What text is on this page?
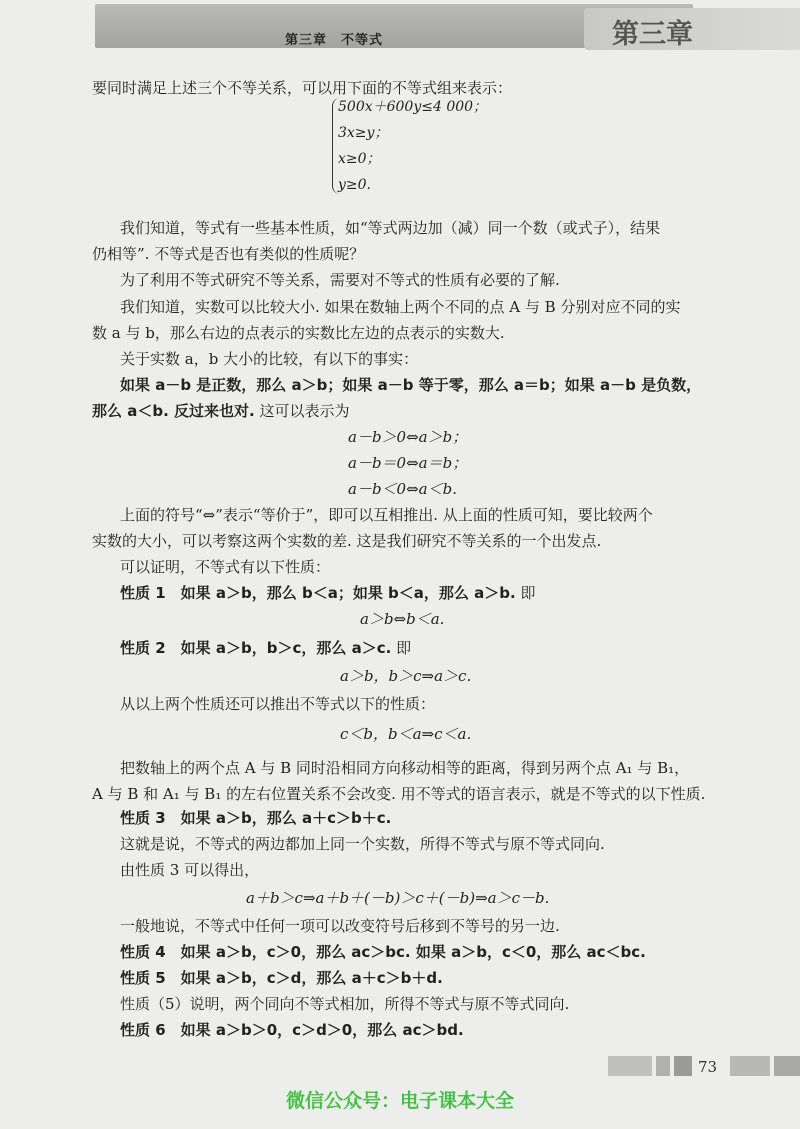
第三章　不等式	第三章
要同时满足上述三个不等关系，可以用下面的不等式组来表示：
500x＋600y≤4 000；
3x≥y；
x≥0；
y≥0.
我们知道，等式有一些基本性质，如“等式两边加（减）同一个数（或式子），结果
仍相等”. 不等式是否也有类似的性质呢？
为了利用不等式研究不等关系，需要对不等式的性质有必要的了解.
我们知道，实数可以比较大小. 如果在数轴上两个不同的点 A 与 B 分别对应不同的实
数 a 与 b，那么右边的点表示的实数比左边的点表示的实数大.
关于实数 a，b 大小的比较，有以下的事实：
如果 a－b 是正数，那么 a＞b；如果 a－b 等于零，那么 a＝b；如果 a－b 是负数，
那么 a＜b. 反过来也对. 这可以表示为
a－b＞0⇔a＞b；
a－b＝0⇔a＝b；
a－b＜0⇔a＜b.
上面的符号“⇔”表示“等价于”，即可以互相推出. 从上面的性质可知，要比较两个
实数的大小，可以考察这两个实数的差. 这是我们研究不等关系的一个出发点.
可以证明，不等式有以下性质：
性质 1　如果 a＞b，那么 b＜a；如果 b＜a，那么 a＞b. 即
a＞b⇔b＜a.
性质 2　如果 a＞b，b＞c，那么 a＞c. 即
a＞b，b＞c⇒a＞c.
从以上两个性质还可以推出不等式以下的性质：
c＜b，b＜a⇒c＜a.
把数轴上的两个点 A 与 B 同时沿相同方向移动相等的距离，得到另两个点 A₁ 与 B₁，
A 与 B 和 A₁ 与 B₁ 的左右位置关系不会改变. 用不等式的语言表示，就是不等式的以下性质.
性质 3　如果 a＞b，那么 a＋c＞b＋c.
这就是说，不等式的两边都加上同一个实数，所得不等式与原不等式同向.
由性质 3 可以得出，
a＋b＞c⇒a＋b＋(－b)＞c＋(－b)⇒a＞c－b.
一般地说，不等式中任何一项可以改变符号后移到不等号的另一边.
性质 4　如果 a＞b，c＞0，那么 ac＞bc. 如果 a＞b，c＜0，那么 ac＜bc.
性质 5　如果 a＞b，c＞d，那么 a＋c＞b＋d.
性质（5）说明，两个同向不等式相加，所得不等式与原不等式同向.
性质 6　如果 a＞b＞0，c＞d＞0，那么 ac＞bd.
73
微信公众号：电子课本大全
